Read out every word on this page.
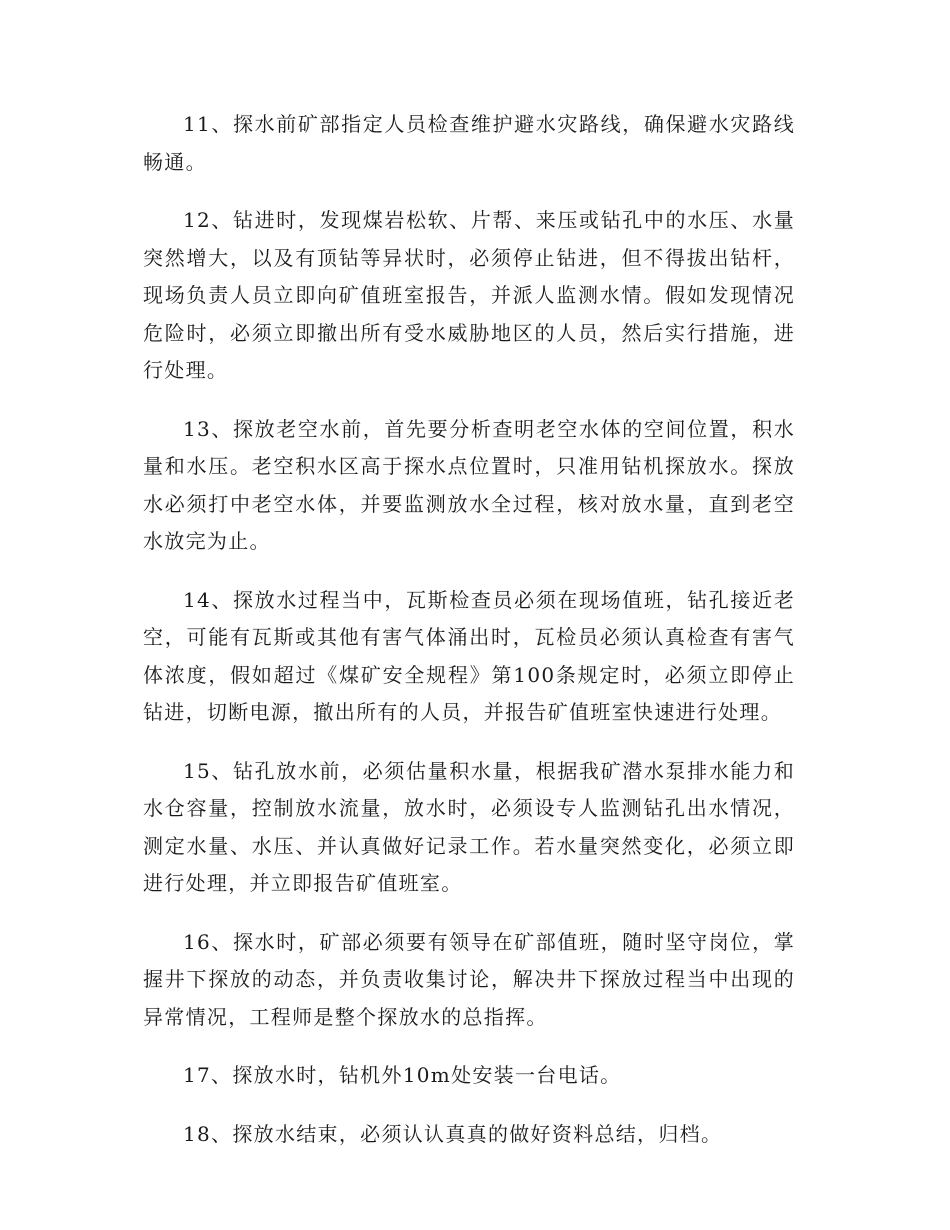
11、探水前矿部指定人员检查维护避水灾路线，确保避水灾路线畅通。

12、钻进时，发现煤岩松软、片帮、来压或钻孔中的水压、水量突然增大，以及有顶钻等异状时，必须停止钻进，但不得拔出钻杆，现场负责人员立即向矿值班室报告，并派人监测水情。假如发现情况危险时，必须立即撤出所有受水威胁地区的人员，然后实行措施，进行处理。

13、探放老空水前，首先要分析查明老空水体的空间位置，积水量和水压。老空积水区高于探水点位置时，只准用钻机探放水。探放水必须打中老空水体，并要监测放水全过程，核对放水量，直到老空水放完为止。

14、探放水过程当中，瓦斯检查员必须在现场值班，钻孔接近老空，可能有瓦斯或其他有害气体涌出时，瓦检员必须认真检查有害气体浓度，假如超过《煤矿安全规程》第100条规定时，必须立即停止钻进，切断电源，撤出所有的人员，并报告矿值班室快速进行处理。

15、钻孔放水前，必须估量积水量，根据我矿潜水泵排水能力和水仓容量，控制放水流量，放水时，必须设专人监测钻孔出水情况，测定水量、水压、并认真做好记录工作。若水量突然变化，必须立即进行处理，并立即报告矿值班室。

16、探水时，矿部必须要有领导在矿部值班，随时坚守岗位，掌握井下探放的动态，并负责收集讨论，解决井下探放过程当中出现的异常情况，工程师是整个探放水的总指挥。

17、探放水时，钻机外10m处安装一台电话。

18、探放水结束，必须认认真真的做好资料总结，归档。
